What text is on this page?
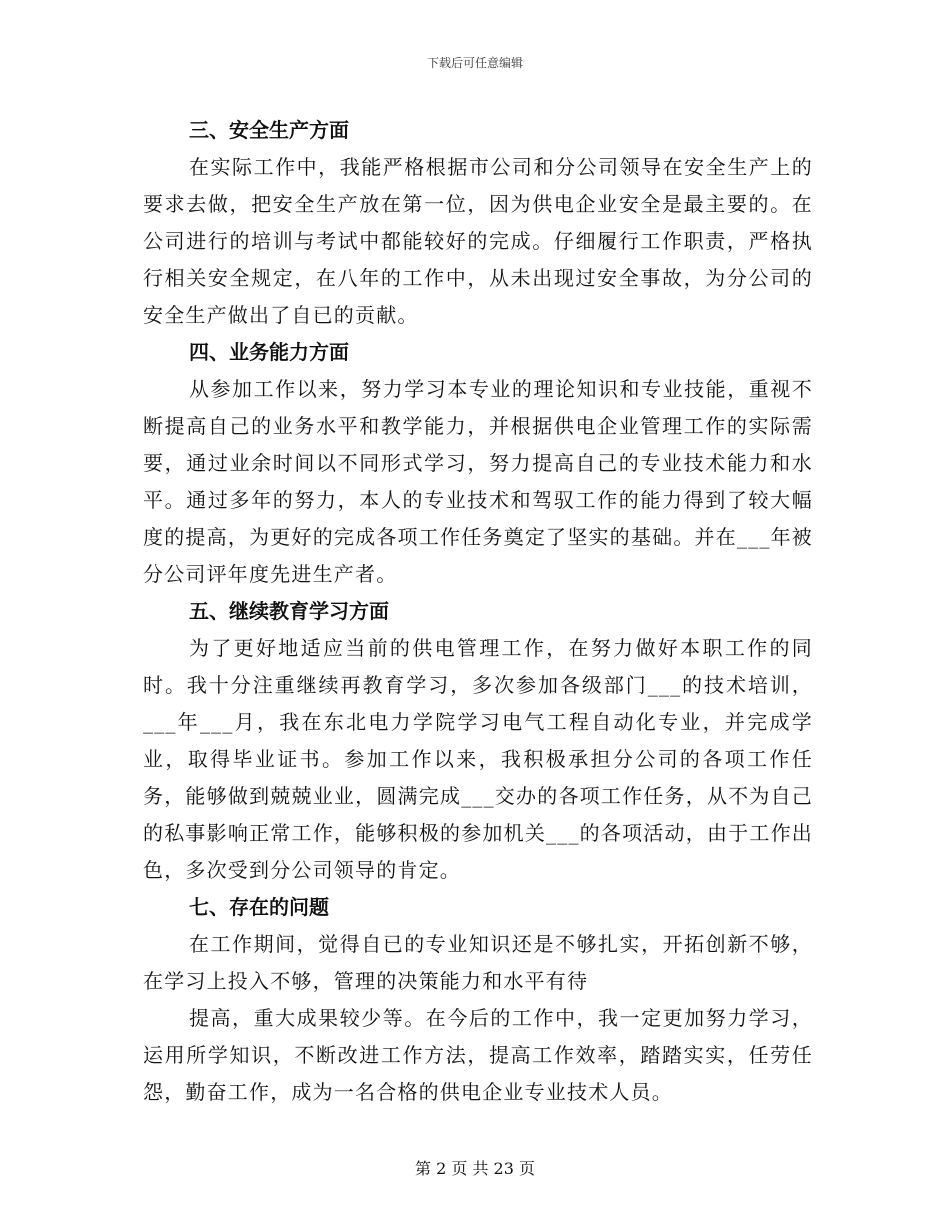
下载后可任意编辑

三、安全生产方面

在实际工作中，我能严格根据市公司和分公司领导在安全生产上的要求去做，把安全生产放在第一位，因为供电企业安全是最主要的。在公司进行的培训与考试中都能较好的完成。仔细履行工作职责，严格执行相关安全规定，在八年的工作中，从未出现过安全事故，为分公司的安全生产做出了自已的贡献。

四、业务能力方面

从参加工作以来，努力学习本专业的理论知识和专业技能，重视不断提高自己的业务水平和教学能力，并根据供电企业管理工作的实际需要，通过业余时间以不同形式学习，努力提高自己的专业技术能力和水平。通过多年的努力，本人的专业技术和驾驭工作的能力得到了较大幅度的提高，为更好的完成各项工作任务奠定了坚实的基础。并在___年被分公司评年度先进生产者。

五、继续教育学习方面

为了更好地适应当前的供电管理工作，在努力做好本职工作的同时。我十分注重继续再教育学习，多次参加各级部门___的技术培训，___年___月，我在东北电力学院学习电气工程自动化专业，并完成学业，取得毕业证书。参加工作以来，我积极承担分公司的各项工作任务，能够做到兢兢业业，圆满完成___交办的各项工作任务，从不为自己的私事影响正常工作，能够积极的参加机关___的各项活动，由于工作出色，多次受到分公司领导的肯定。

七、存在的问题

在工作期间，觉得自已的专业知识还是不够扎实，开拓创新不够，在学习上投入不够，管理的决策能力和水平有待

提高，重大成果较少等。在今后的工作中，我一定更加努力学习，运用所学知识，不断改进工作方法，提高工作效率，踏踏实实，任劳任怨，勤奋工作，成为一名合格的供电企业专业技术人员。

第 2 页 共 23 页
